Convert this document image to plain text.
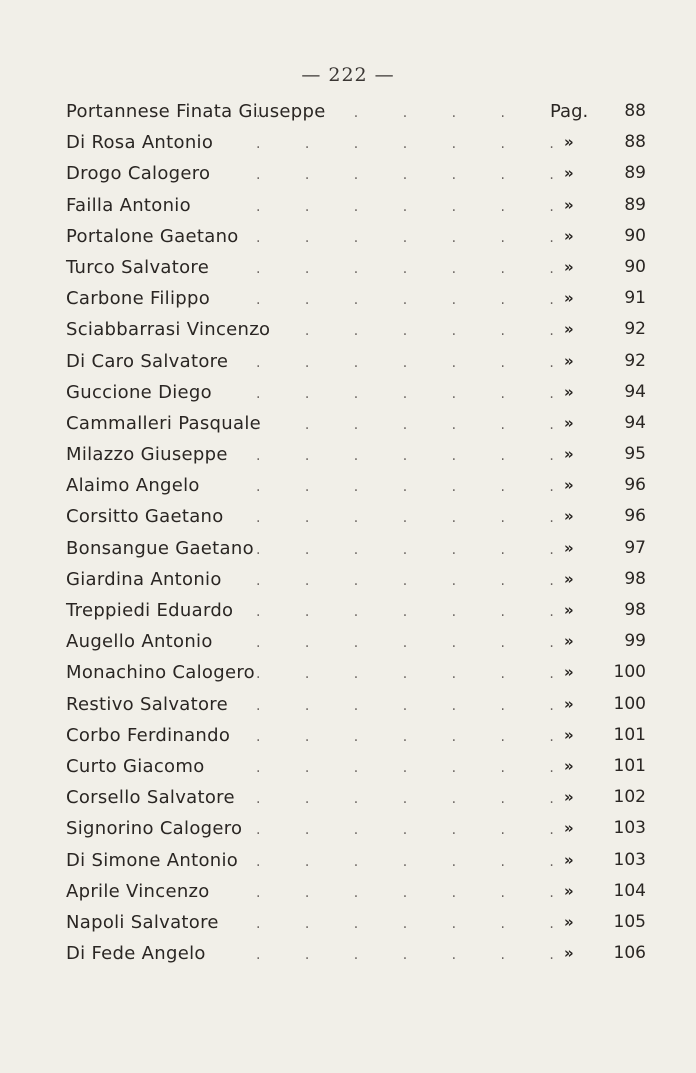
— 222 —
Portannese Finata Giuseppe . . .	Pag.	88
Di Rosa Antonio . . .	»	88
Drogo Calogero . . .	»	89
Failla Antonio . . .	»	89
Portalone Gaetano . . .	»	90
Turco Salvatore . . .	»	90
Carbone Filippo . . .	»	91
Sciabbarrasi Vincenzo . . .	»	92
Di Caro Salvatore . . .	»	92
Guccione Diego . . .	»	94
Cammalleri Pasquale . . .	»	94
Milazzo Giuseppe . . .	»	95
Alaimo Angelo . . .	»	96
Corsitto Gaetano . . .	»	96
Bonsangue Gaetano . . .	»	97
Giardina Antonio . . .	»	98
Treppiedi Eduardo . . .	»	98
Augello Antonio . . .	»	99
Monachino Calogero . . .	»	100
Restivo Salvatore . . .	»	100
Corbo Ferdinando . . .	»	101
Curto Giacomo . . .	»	101
Corsello Salvatore . . .	»	102
Signorino Calogero . . .	»	103
Di Simone Antonio . . .	»	103
Aprile Vincenzo . . .	»	104
Napoli Salvatore . . .	»	105
Di Fede Angelo . . .	»	106
